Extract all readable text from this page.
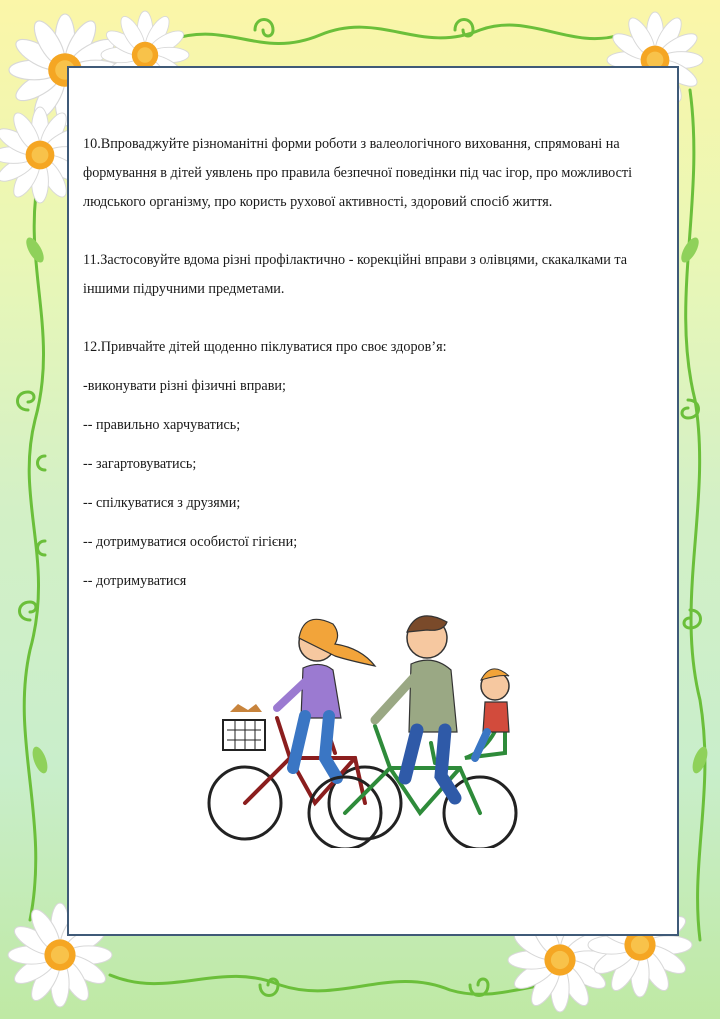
10.Впроваджуйте різноманітні форми роботи з валеологічного виховання, спрямовані на формування в дітей уявлень про правила безпечної поведінки під час ігор, про можливості людського організму, про користь рухової активності, здоровий спосіб життя.

11.Застосовуйте вдома різні профілактично - корекційні вправи з олівцями, скакалками та іншими підручними предметами.

12.Привчайте дітей щоденно піклуватися про своє здоров’я:

-виконувати різні фізичні вправи;

-- правильно харчуватись;

-- загартовуватись;

-- спілкуватися з друзями;

-- дотримуватися особистої гігієни;

-- дотримуватися
